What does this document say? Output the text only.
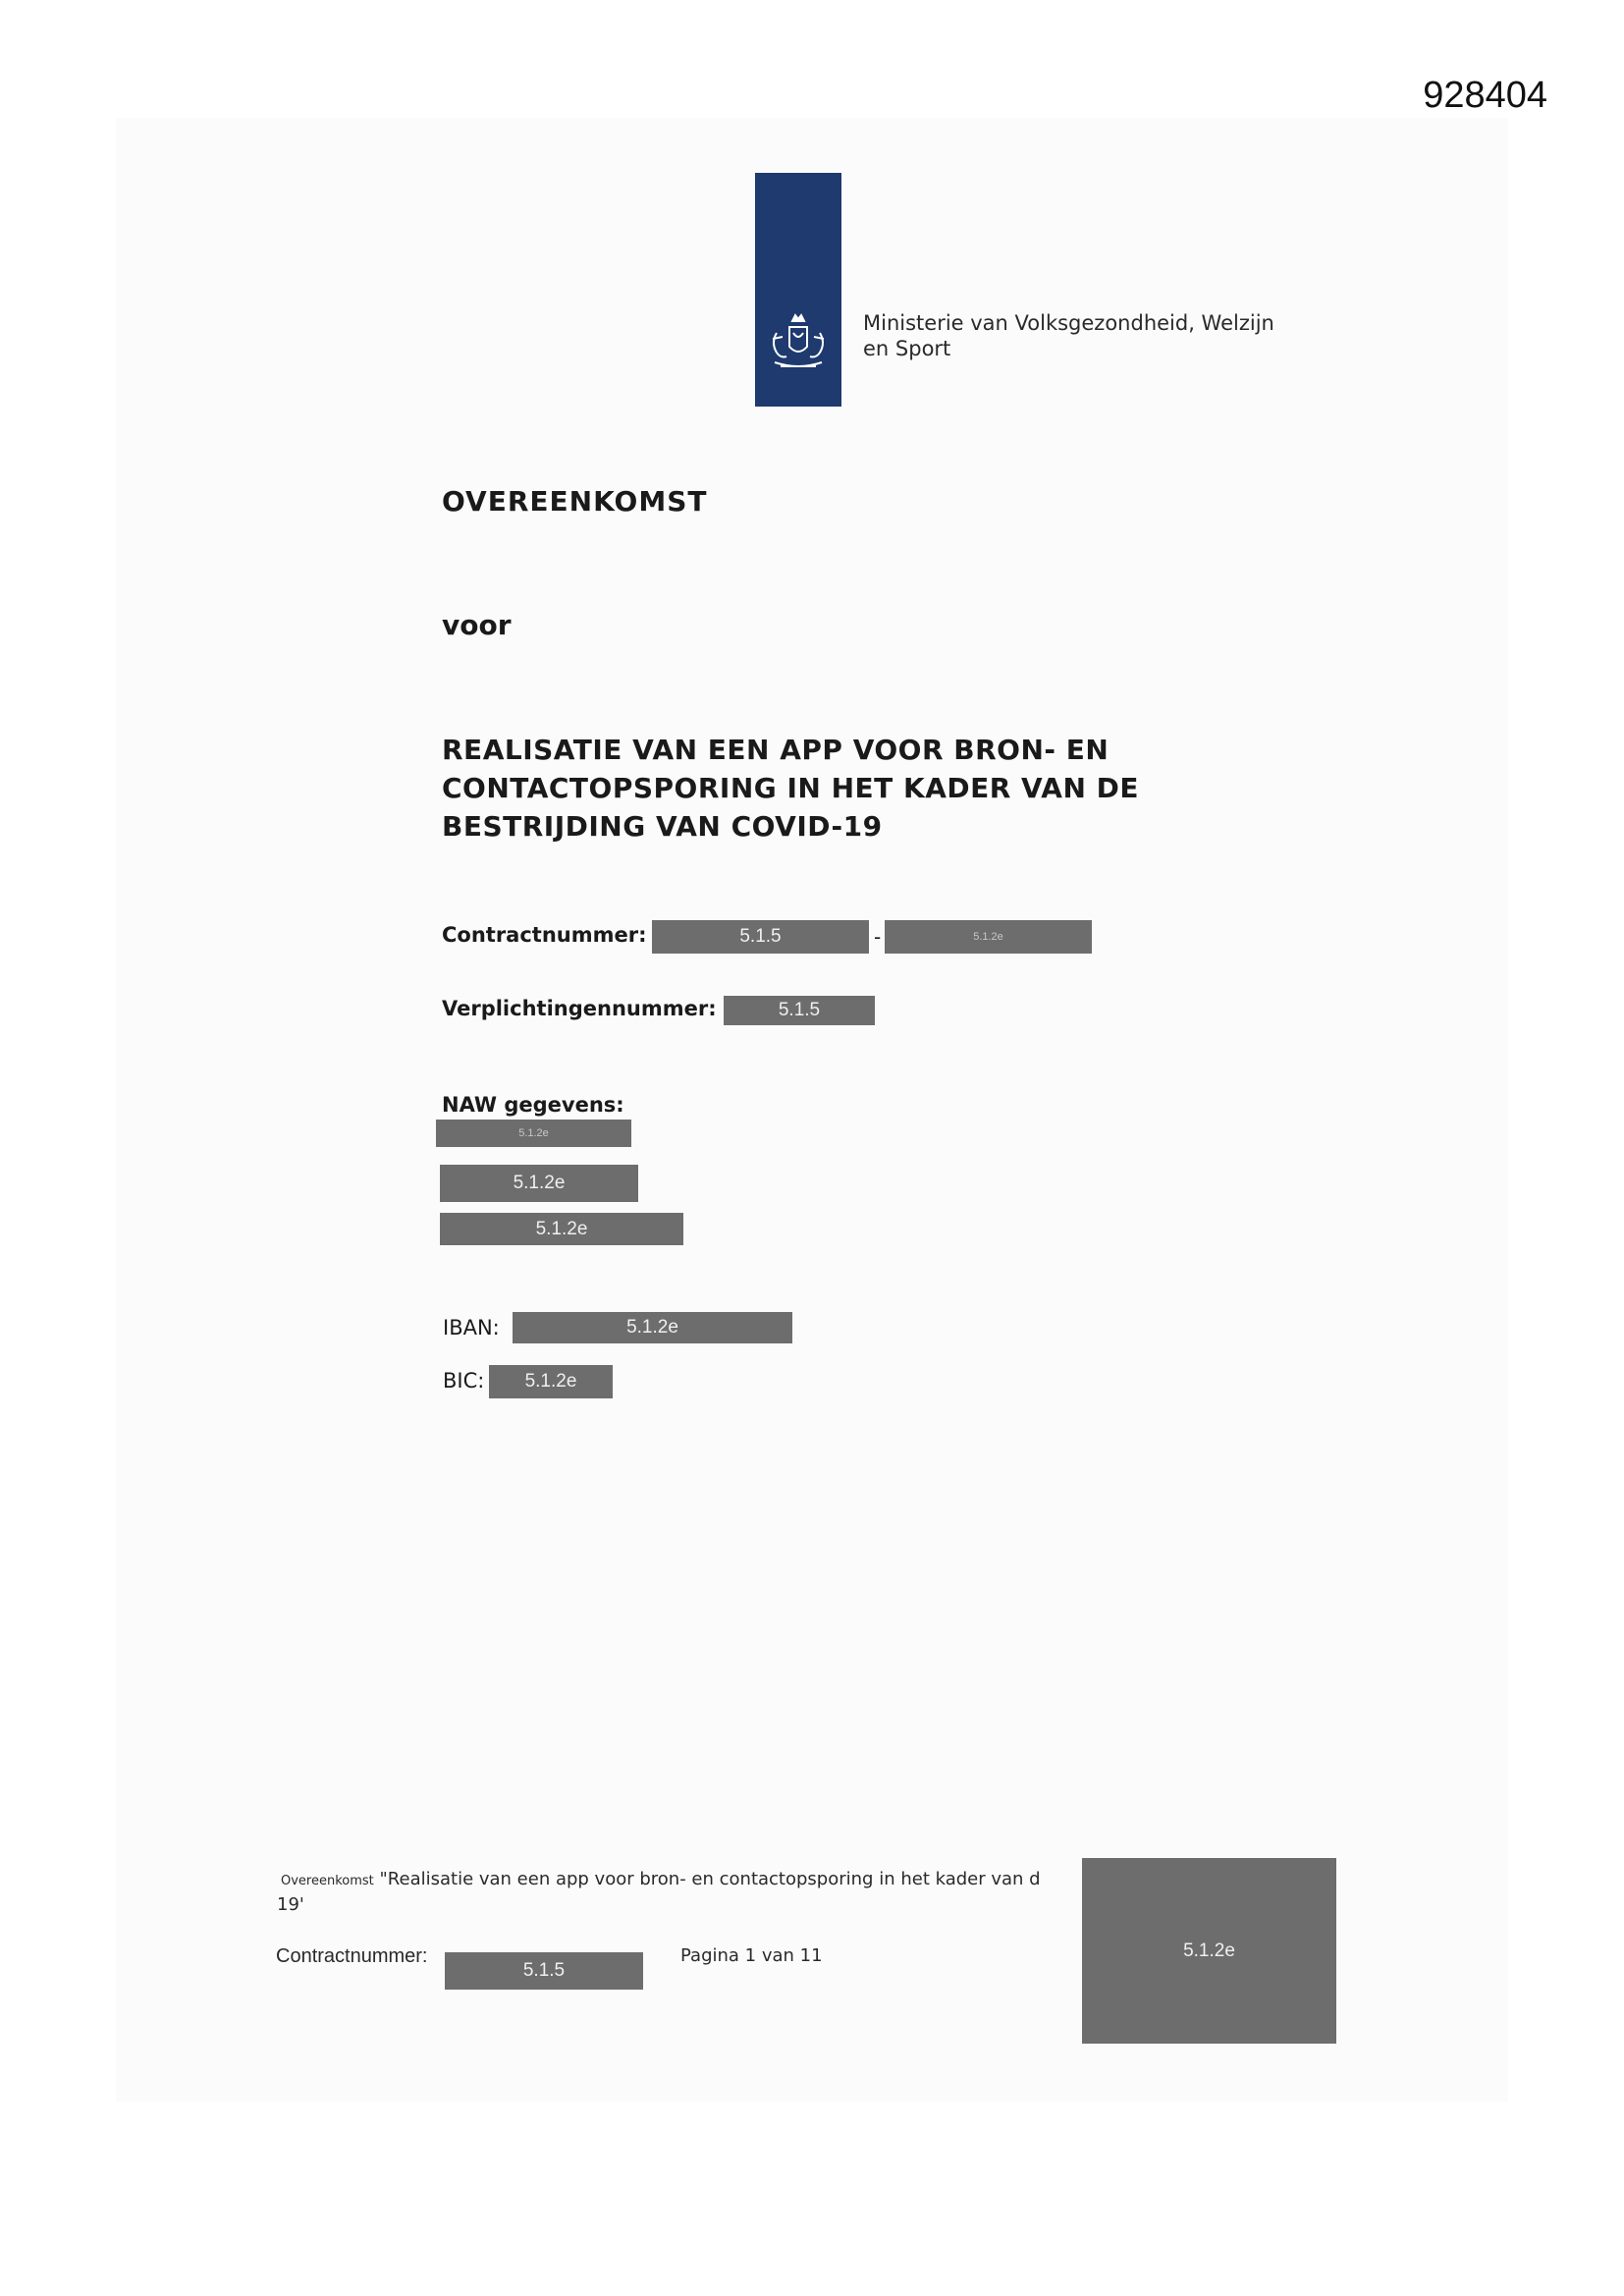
928404
Ministerie van Volksgezondheid, Welzijn
en Sport
OVEREENKOMST
voor
REALISATIE VAN EEN APP VOOR BRON- EN
CONTACTOPSPORING IN HET KADER VAN DE
BESTRIJDING VAN COVID-19
Contractnummer:	5.1.5	-	5.1.2e
Verplichtingennummer:	5.1.5
NAW gegevens:
5.1.2e
5.1.2e
5.1.2e
IBAN:	5.1.2e
BIC:	5.1.2e
Overeenkomst "Realisatie van een app voor bron- en contactopsporing in het kader van d
19'
Contractnummer:
5.1.5
Pagina 1 van 11	5.1.2e
